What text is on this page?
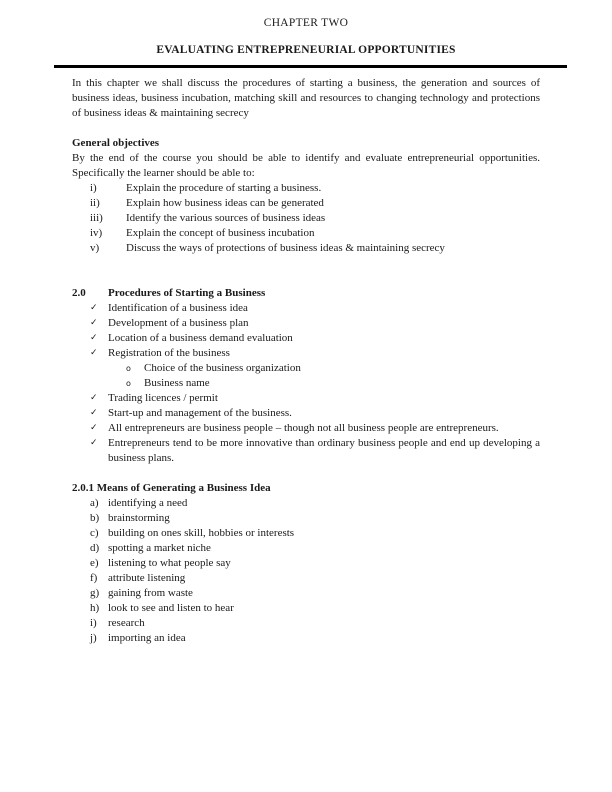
CHAPTER TWO
EVALUATING ENTREPRENEURIAL OPPORTUNITIES

In this chapter we shall discuss the procedures of starting a business, the generation and sources of business ideas, business incubation, matching skill and resources to changing technology and protections of business ideas & maintaining secrecy

General objectives

By the end of the course you should be able to identify and evaluate entrepreneurial opportunities. Specifically the learner should be able to:

i)	Explain the procedure of starting a business.
ii)	Explain how business ideas can be generated
iii)	Identify the various sources of business ideas
iv)	Explain the concept of business incubation
v)	Discuss the ways of protections of business ideas & maintaining secrecy
2.0	Procedures of Starting a Business
✓ Identification of a business idea
✓ Development of a business plan
✓ Location of a business demand evaluation
✓ Registration of the business
o	Choice of the business organization
o	Business name
✓ Trading licences / permit
✓ Start-up and management of the business.
✓ All entrepreneurs are business people – though not all business people are entrepreneurs.
✓ Entrepreneurs tend to be more innovative than ordinary business people and end up developing a business plans.

2.0.1 Means of Generating a Business Idea

a) identifying a need
b) brainstorming
c) building on ones skill, hobbies or interests
d) spotting a market niche
e) listening to what people say
f) attribute listening
g) gaining from waste
h) look to see and listen to hear
i)	research
j)	importing an idea
